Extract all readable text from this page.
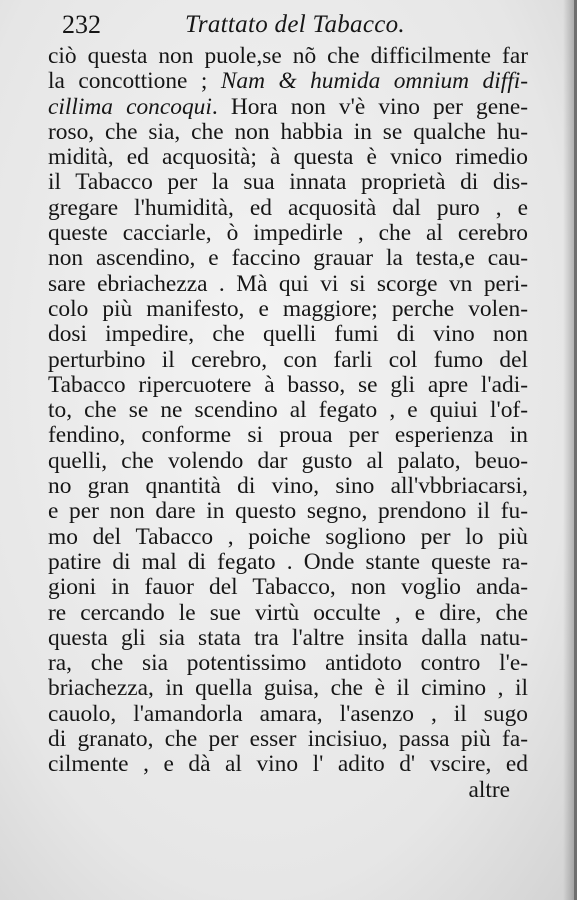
232	Trattato del Tabacco.
ciò questa non puole,se nõ che difficilmente far
la concottione ; Nam & humida omnium diffi-
cillima concoqui. Hora non v'è vino per gene-
roso, che sia, che non habbia in se qualche hu-
midità, ed acquosità; à questa è vnico rimedio
il Tabacco per la sua innata proprietà di dis-
gregare l'humidità, ed acquosità dal puro , e
queste cacciarle, ò impedirle , che al cerebro
non ascendino, e faccino grauar la testa,e cau-
sare ebriachezza . Mà qui vi si scorge vn peri-
colo più manifesto, e maggiore; perche volen-
dosi impedire, che quelli fumi di vino non
perturbino il cerebro, con farli col fumo del
Tabacco ripercuotere à basso, se gli apre l'adi-
to, che se ne scendino al fegato , e quiui l'of-
fendino, conforme si proua per esperienza in
quelli, che volendo dar gusto al palato, beuo-
no gran qnantità di vino, sino all'vbbriacarsi,
e per non dare in questo segno, prendono il fu-
mo del Tabacco , poiche sogliono per lo più
patire di mal di fegato . Onde stante queste ra-
gioni in fauor del Tabacco, non voglio anda-
re cercando le sue virtù occulte , e dire, che
questa gli sia stata tra l'altre insita dalla natu-
ra, che sia potentissimo antidoto contro l'e-
briachezza, in quella guisa, che è il cimino , il
cauolo, l'amandorla amara, l'asenzo , il sugo
di granato, che per esser incisiuo, passa più fa-
cilmente , e dà al vino l' adito d' vscire, ed
altre
